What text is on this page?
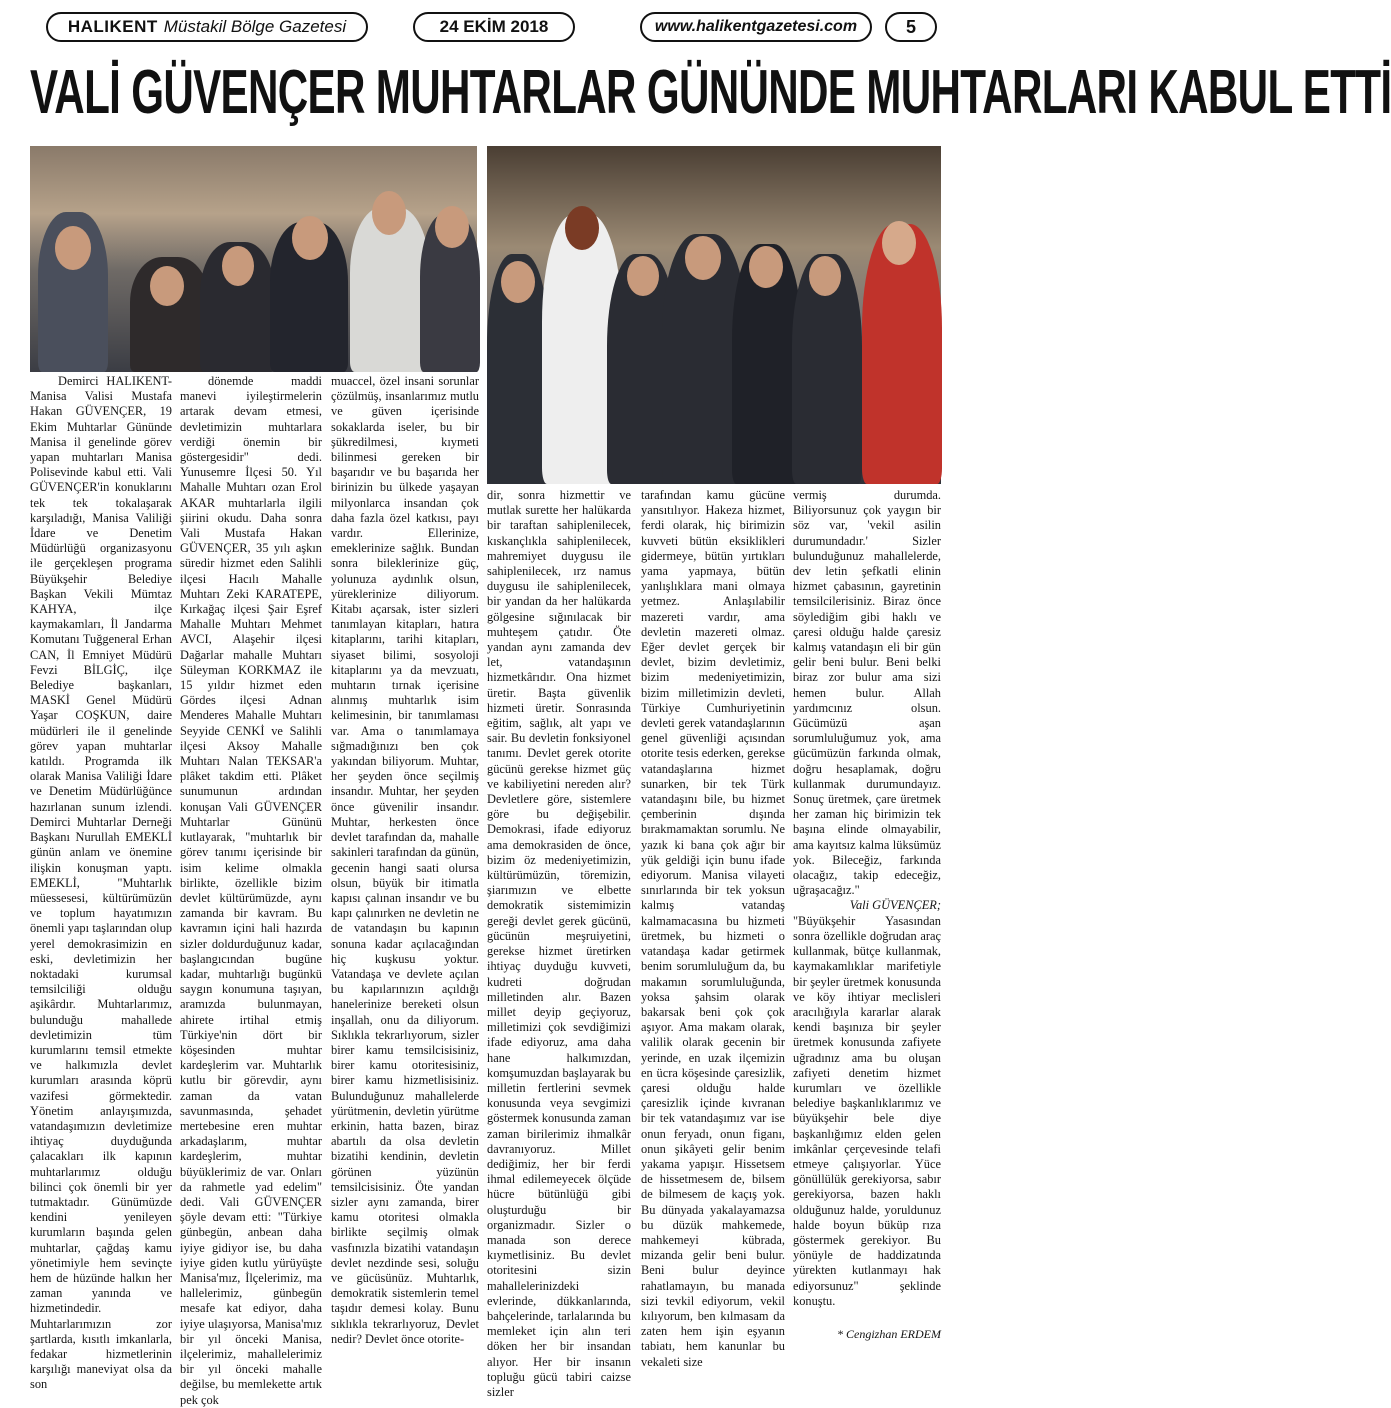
HALIKENT Müstakil Bölge Gazetesi	24 EKİM 2018	www.halikentgazetesi.com	5
VALİ GÜVENÇER MUHTARLAR GÜNÜNDE MUHTARLARI KABUL ETTİ

Demirci HALIKENT- Manisa Valisi Mustafa Hakan GÜVENÇER, 19 Ekim Muhtarlar Gününde Manisa il genelinde görev yapan muhtarları Manisa Polisevinde kabul etti. Vali GÜVENÇER'in konuklarını tek tek tokalaşarak karşıladığı, Manisa Valiliği İdare ve Denetim Müdürlüğü organizasyonu ile gerçekleşen programa Büyükşehir Belediye Başkan Vekili Mümtaz KAHYA, ilçe kaymakamları, İl Jandarma Komutanı Tuğgeneral Erhan CAN, İl Emniyet Müdürü Fevzi BİLGİÇ, ilçe Belediye başkanları, MASKİ Genel Müdürü Yaşar COŞKUN, daire müdürleri ile il genelinde görev yapan muhtarlar katıldı. Programda ilk olarak Manisa Valiliği İdare ve Denetim Müdürlüğünce hazırlanan sunum izlendi. Demirci Muhtarlar Derneği Başkanı Nurullah EMEKLİ günün anlam ve önemine ilişkin konuşman yaptı. EMEKLİ, "Muhtarlık müessesesi, kültürümüzün ve toplum hayatımızın önemli yapı taşlarından olup yerel demokrasimizin en eski, devletimizin her noktadaki kurumsal temsilciliği olduğu aşikârdır. Muhtarlarımız, bulunduğu mahallede devletimizin tüm kurumlarını temsil etmekte ve halkımızla devlet kurumları arasında köprü vazifesi görmektedir. Yönetim anlayışımızda, vatandaşımızın devletimize ihtiyaç duyduğunda çalacakları ilk kapının muhtarlarımız olduğu bilinci çok önemli bir yer tutmaktadır. Günümüzde kendini yenileyen kurumların başında gelen muhtarlar, çağdaş kamu yönetimiyle hem sevinçte hem de hüzünde halkın her zaman yanında ve hizmetindedir. Muhtarlarımızın zor şartlarda, kısıtlı imkanlarla, fedakar hizmetlerinin karşılığı maneviyat olsa da son

dönemde maddi manevi iyileştirmelerin artarak devam etmesi, devletimizin muhtarlara verdiği önemin bir göstergesidir" dedi. Yunusemre İlçesi 50. Yıl Mahalle Muhtarı ozan Erol AKAR muhtarlarla ilgili şiirini okudu. Daha sonra Vali Mustafa Hakan GÜVENÇER, 35 yılı aşkın süredir hizmet eden Salihli ilçesi Hacılı Mahalle Muhtarı Zeki KARATEPE, Kırkağaç ilçesi Şair Eşref Mahalle Muhtarı Mehmet AVCI, Alaşehir ilçesi Dağarlar mahalle Muhtarı Süleyman KORKMAZ ile 15 yıldır hizmet eden Gördes ilçesi Adnan Menderes Mahalle Muhtarı Seyyide CENKİ ve Salihli ilçesi Aksoy Mahalle Muhtarı Nalan TEKSAR'a plâket takdim etti. Plâket sunumunun ardından konuşan Vali GÜVENÇER Muhtarlar Gününü kutlayarak, "muhtarlık bir görev tanımı içerisinde bir isim kelime olmakla birlikte, özellikle bizim devlet kültürümüzde, aynı zamanda bir kavram. Bu kavramın içini hali hazırda sizler doldurduğunuz kadar, başlangıcından bugüne kadar, muhtarlığı bugünkü saygın konumuna taşıyan, aramızda bulunmayan, ahirete irtihal etmiş Türkiye'nin dört bir köşesinden muhtar kardeşlerim var. Muhtarlık kutlu bir görevdir, aynı zaman da vatan savunmasında, şehadet mertebesine eren muhtar arkadaşlarım, muhtar kardeşlerim, muhtar büyüklerimiz de var. Onları da rahmetle yad edelim" dedi. Vali GÜVENÇER şöyle devam etti: "Türkiye günbegün, anbean daha iyiye gidiyor ise, bu daha iyiye giden kutlu yürüyüşte Manisa'mız, İlçelerimiz, ma hallelerimiz, günbegün mesafe kat ediyor, daha iyiye ulaşıyorsa, Manisa'mız bir yıl önceki Manisa, ilçelerimiz, mahallelerimiz bir yıl önceki mahalle değilse, bu memlekette artık pek çok

muaccel, özel insani sorunlar çözülmüş, insanlarımız mutlu ve güven içerisinde sokaklarda iseler, bu bir şükredilmesi, kıymeti bilinmesi gereken bir başarıdır ve bu başarıda her birinizin bu ülkede yaşayan milyonlarca insandan çok daha fazla özel katkısı, payı vardır. Ellerinize, emeklerinize sağlık. Bundan sonra bileklerinize güç, yolunuza aydınlık olsun, yüreklerinize diliyorum. Kitabı açarsak, ister sizleri tanımlayan kitapları, hatıra kitaplarını, tarihi kitapları, siyaset bilimi, sosyoloji kitaplarını ya da mevzuatı, muhtarın tırnak içerisine alınmış muhtarlık isim kelimesinin, bir tanımlaması var. Ama o tanımlamaya sığmadığınızı ben çok yakından biliyorum. Muhtar, her şeyden önce seçilmiş insandır. Muhtar, her şeyden önce güvenilir insandır. Muhtar, herkesten önce devlet tarafından da, mahalle sakinleri tarafından da günün, gecenin hangi saati olursa olsun, büyük bir itimatla kapısı çalınan insandır ve bu kapı çalınırken ne devletin ne de vatandaşın bu kapının sonuna kadar açılacağından hiç kuşkusu yoktur. Vatandaşa ve devlete açılan bu kapılarınızın açıldığı hanelerinize bereketi olsun inşallah, onu da diliyorum. Sıklıkla tekrarlıyorum, sizler birer kamu temsilcisisiniz, birer kamu otoritesisiniz, birer kamu hizmetlisisiniz. Bulunduğunuz mahallelerde yürütmenin, devletin yürütme erkinin, hatta bazen, biraz abartılı da olsa devletin bizatihi kendinin, devletin görünen yüzünün temsilcisisiniz. Öte yandan sizler aynı zamanda, birer kamu otoritesi olmakla birlikte seçilmiş olmak vasfınızla bizatihi vatandaşın devlet nezdinde sesi, soluğu ve gücüsünüz. Muhtarlık, demokratik sistemlerin temel taşıdır demesi kolay. Bunu sıklıkla tekrarlıyoruz, Devlet nedir? Devlet önce otorite-

dir, sonra hizmettir ve mutlak surette her halükarda bir taraftan sahiplenilecek, kıskançlıkla sahiplenilecek, mahremiyet duygusu ile sahiplenilecek, ırz namus duygusu ile sahiplenilecek, bir yandan da her halükarda gölgesine sığınılacak bir muhteşem çatıdır. Öte yandan aynı zamanda dev let, vatandaşının hizmetkârıdır. Ona hizmet üretir. Başta güvenlik hizmeti üretir. Sonrasında eğitim, sağlık, alt yapı ve sair. Bu devletin fonksiyonel tanımı. Devlet gerek otorite gücünü gerekse hizmet güç ve kabiliyetini nereden alır? Devletlere göre, sistemlere göre bu değişebilir. Demokrasi, ifade ediyoruz ama demokrasiden de önce, bizim öz medeniyetimizin, kültürümüzün, töremizin, şiarımızın ve elbette demokratik sistemimizin gereği devlet gerek gücünü, gücünün meşruiyetini, gerekse hizmet üretirken ihtiyaç duyduğu kuvveti, kudreti doğrudan milletinden alır. Bazen millet deyip geçiyoruz, milletimizi çok sevdiğimizi ifade ediyoruz, ama daha hane halkımızdan, komşumuzdan başlayarak bu milletin fertlerini sevmek konusunda veya sevgimizi göstermek konusunda zaman zaman birilerimiz ihmalkâr davranıyoruz. Millet dediğimiz, her bir ferdi ihmal edilemeyecek ölçüde hücre bütünlüğü gibi oluşturduğu bir organizmadır. Sizler o manada son derece kıymetlisiniz. Bu devlet otoritesini sizin mahallelerinizdeki evlerinde, dükkanlarında, bahçelerinde, tarlalarında bu memleket için alın teri döken her bir insandan alıyor. Her bir insanın topluğu gücü tabiri caizse sizler

tarafından kamu gücüne yansıtılıyor. Hakeza hizmet, ferdi olarak, hiç birimizin kuvveti bütün eksiklikleri gidermeye, bütün yırtıkları yama yapmaya, bütün yanlışlıklara mani olmaya yetmez. Anlaşılabilir mazereti vardır, ama devletin mazereti olmaz. Eğer devlet gerçek bir devlet, bizim devletimiz, bizim medeniyetimizin, bizim milletimizin devleti, Türkiye Cumhuriyetinin devleti gerek vatandaşlarının genel güvenliği açısından otorite tesis ederken, gerekse vatandaşlarına hizmet sunarken, bir tek Türk vatandaşını bile, bu hizmet çemberinin dışında bırakmamaktan sorumlu. Ne yazık ki bana çok ağır bir yük geldiği için bunu ifade ediyorum. Manisa vilayeti sınırlarında bir tek yoksun kalmış vatandaş kalmamacasına bu hizmeti üretmek, bu hizmeti o vatandaşa kadar getirmek benim sorumluluğum da, bu makamın sorumluluğunda, yoksa şahsim olarak bakarsak beni çok çok aşıyor. Ama makam olarak, valilik olarak gecenin bir yerinde, en uzak ilçemizin en ücra köşesinde çaresizlik, çaresi olduğu halde çaresizlik içinde kıvranan bir tek vatandaşımız var ise onun feryadı, onun figanı, onun şikâyeti gelir benim yakama yapışır. Hissetsem de hissetmesem de, bilsem de bilmesem de kaçış yok. Bu dünyada yakalayamazsa bu düzük mahkemede, mahkemeyi kübrada, mizanda gelir beni bulur. Beni bulur deyince rahatlamayın, bu manada sizi tevkil ediyorum, vekil kılıyorum, ben kılmasam da zaten hem işin eşyanın tabiatı, hem kanunlar bu vekaleti size

vermiş durumda. Biliyorsunuz çok yaygın bir söz var, 'vekil asilin durumundadır.' Sizler bulunduğunuz mahallelerde, dev letin şefkatli elinin hizmet çabasının, gayretinin temsilcilerisiniz. Biraz önce söylediğim gibi haklı ve çaresi olduğu halde çaresiz kalmış vatandaşın eli bir gün gelir beni bulur. Beni belki biraz zor bulur ama sizi hemen bulur. Allah yardımcınız olsun. Gücümüzü aşan sorumluluğumuz yok, ama gücümüzün farkında olmak, doğru hesaplamak, doğru kullanmak durumundayız. Sonuç üretmek, çare üretmek her zaman hiç birimizin tek başına elinde olmayabilir, ama kayıtsız kalma lüksümüz yok. Bileceğiz, farkında olacağız, takip edeceğiz, uğraşacağız."

Vali GÜVENÇER;

"Büyükşehir Yasasından sonra özellikle doğrudan araç kullanmak, bütçe kullanmak, kaymakamlıklar marifetiyle bir şeyler üretmek konusunda ve köy ihtiyar meclisleri aracılığıyla kararlar alarak kendi başınıza bir şeyler üretmek konusunda zafiyete uğradınız ama bu oluşan zafiyeti denetim hizmet kurumları ve özellikle belediye başkanlıklarımız ve büyükşehir bele diye başkanlığımız elden gelen imkânlar çerçevesinde telafi etmeye çalışıyorlar. Yüce gönüllülük gerekiyorsa, sabır gerekiyorsa, bazen haklı olduğunuz halde, yoruldunuz halde boyun büküp rıza göstermek gerekiyor. Bu yönüyle de haddizatında yürekten kutlanmayı hak ediyorsunuz" şeklinde konuştu.

* Cengizhan ERDEM
